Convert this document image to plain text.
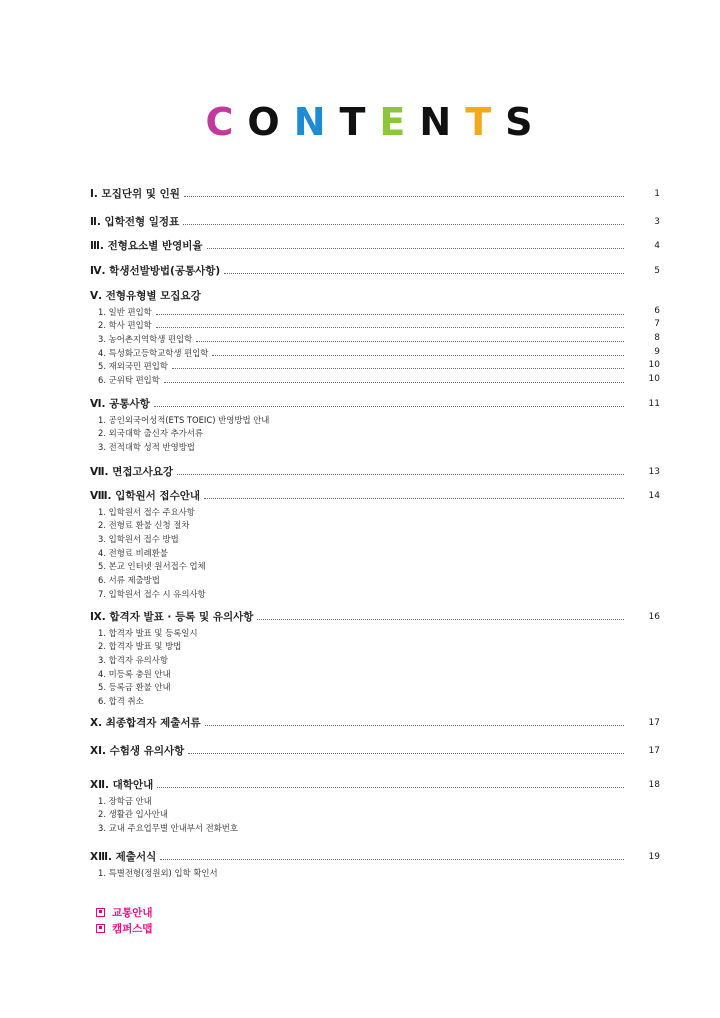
CONTENTS
Ⅰ. 모집단위 및 인원	1
Ⅱ. 입학전형 일정표	3
Ⅲ. 전형요소별 반영비율	4
Ⅳ. 학생선발방법(공통사항)	5
Ⅴ. 전형유형별 모집요강
1. 일반 편입학	6
2. 학사 편입학	7
3. 농어촌지역학생 편입학	8
4. 특성화고등학교학생 편입학	9
5. 재외국민 편입학	10
6. 군위탁 편입학	10
Ⅵ. 공통사항	11
1. 공인외국어성적(ETS TOEIC) 반영방법 안내
2. 외국대학 출신자 추가서류
3. 전적대학 성적 반영방법
Ⅶ. 면접고사요강	13
Ⅷ. 입학원서 접수안내	14
1. 입학원서 접수 주요사항
2. 전형료 환불 신청 절차
3. 입학원서 접수 방법
4. 전형료 비례환불
5. 본교 인터넷 원서접수 업체
6. 서류 제출방법
7. 입학원서 접수 시 유의사항
Ⅸ. 합격자 발표 · 등록 및 유의사항	16
1. 합격자 발표 및 등록일시
2. 합격자 발표 및 방법
3. 합격자 유의사항
4. 미등록 충원 안내
5. 등록금 환불 안내
6. 합격 취소
Ⅹ. 최종합격자 제출서류	17
ⅩⅠ. 수험생 유의사항	17
ⅩⅡ. 대학안내	18
1. 장학금 안내
2. 생활관 입사안내
3. 교내 주요업무별 안내부서 전화번호
ⅩⅢ. 제출서식	19
1. 특별전형(정원외) 입학 확인서
교통안내
캠퍼스맵
